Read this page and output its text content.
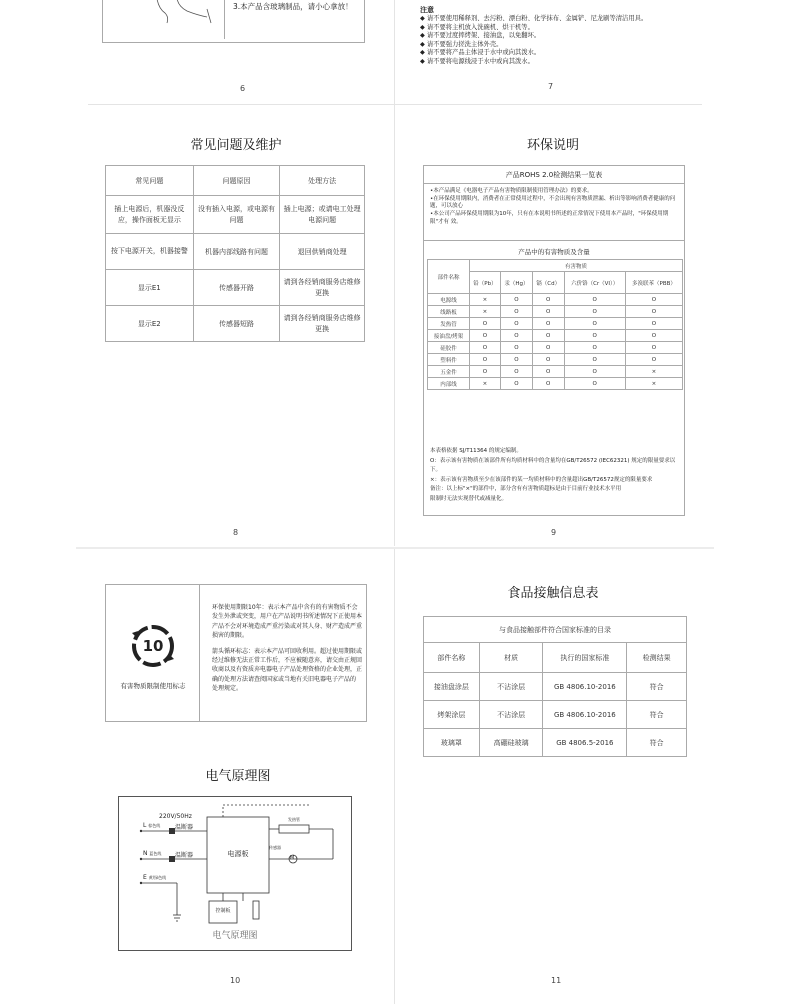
3.本产品含玻璃制品，请小心拿放！
6
注意
◆ 请不要使用稀释剂、去污粉、漂白粉、化学抹布、金属铲、尼龙刷等清洁用具。
◆ 请不要将主机放入洗碗机、烘干机等。
◆ 请不要过度摔烤架、接油盘，以免翻坏。
◆ 请不要强力搓洗主体外壳。
◆ 请不要将产品主体浸于水中或向其泼水。
◆ 请不要将电源线浸于水中或向其泼水。
7
常见问题及维护
常见问题	问题原因	处理方法
插上电源后，机器没反应，操作面板无显示	没有插入电源，或电源有问题	插上电源；或请电工处理电源问题
按下电源开关，机器接警	机器内部线路有问题	退回供销商处理
显示E1	传感器开路	请到各经销商服务店维修更换
显示E2	传感器短路	请到各经销商服务店维修更换
8
环保说明
产品ROHS 2.0检测结果一览表
•本产品满足《电器电子产品有害物质限制使用管理办法》的要求。
•在环保使用期限内，消费者在正常使用过程中，不会出现有害物质泄漏、析出等影响消费者健康的问题，可以放心
•本公司产品环保使用期限为10年，只有在本说明书所述的正常情况下使用本产品时，"环保使用期限"才有 效。
产品中的有害物质及含量
部件名称	有害物质				
	铅（Pb）	汞（Hg）	镉（Cd）	六价铬（Cr（VI））	多溴联苯（PBB）
电源线	×	O	O	O	O
线路板	×	O	O	O	O
发热管	O	O	O	O	O
接油盘/烤架	O	O	O	O	O
硅胶件	O	O	O	O	O
塑料件	O	O	O	O	O
五金件	O	O	O	O	×
内部线	×	O	O	O	×
本表格依据 SJ/T11364 的规定编制。
O：表示该有害物质在该部件所有均质材料中的含量均在GB/T26572 (IEC62321) 规定的限量要求以下。
×：表示该有害物质至少在该部件的某一均质材料中的含量超出GB/T26572规定的限量要求
备注：以上标"×"的部件中，部分含有有害物质超标是由于目前行业技术水平用
限制时无法实现替代或减量化。
9
10
有害物质限制使用标志
环保使用期限10年：表示本产品中含有的有害物质不会发生外泄或突变，用户在产品说明书所述情况下正使用本产品不会对环境造成严重污染或对其人身、财产造成严重损害的期限。
箭头循环标志：表示本产品可回收利用。超过使用期限或经过维修无法正常工作后，不应被随意弃，请交由正规回收商以及有资质弃电器电子产品处理资格的企业处理，正确的处理方法请查阅国家或当地有关旧电器电子产品的 处理规定。
电气原理图
220V/50Hz
L 棕色线 温断器
N 蓝色线 温断器
E 黄/绿色线
电源板
发热管
传感器
M
控制板
电气原理图
10
食品接触信息表
与食品接触部件符合国家标准的目录			
部件名称	材质	执行的国家标准	检测结果
接油盘涂层	不沾涂层	GB 4806.10-2016	符合
烤架涂层	不沾涂层	GB 4806.10-2016	符合
玻璃罩	高硼硅玻璃	GB 4806.5-2016	符合
11
